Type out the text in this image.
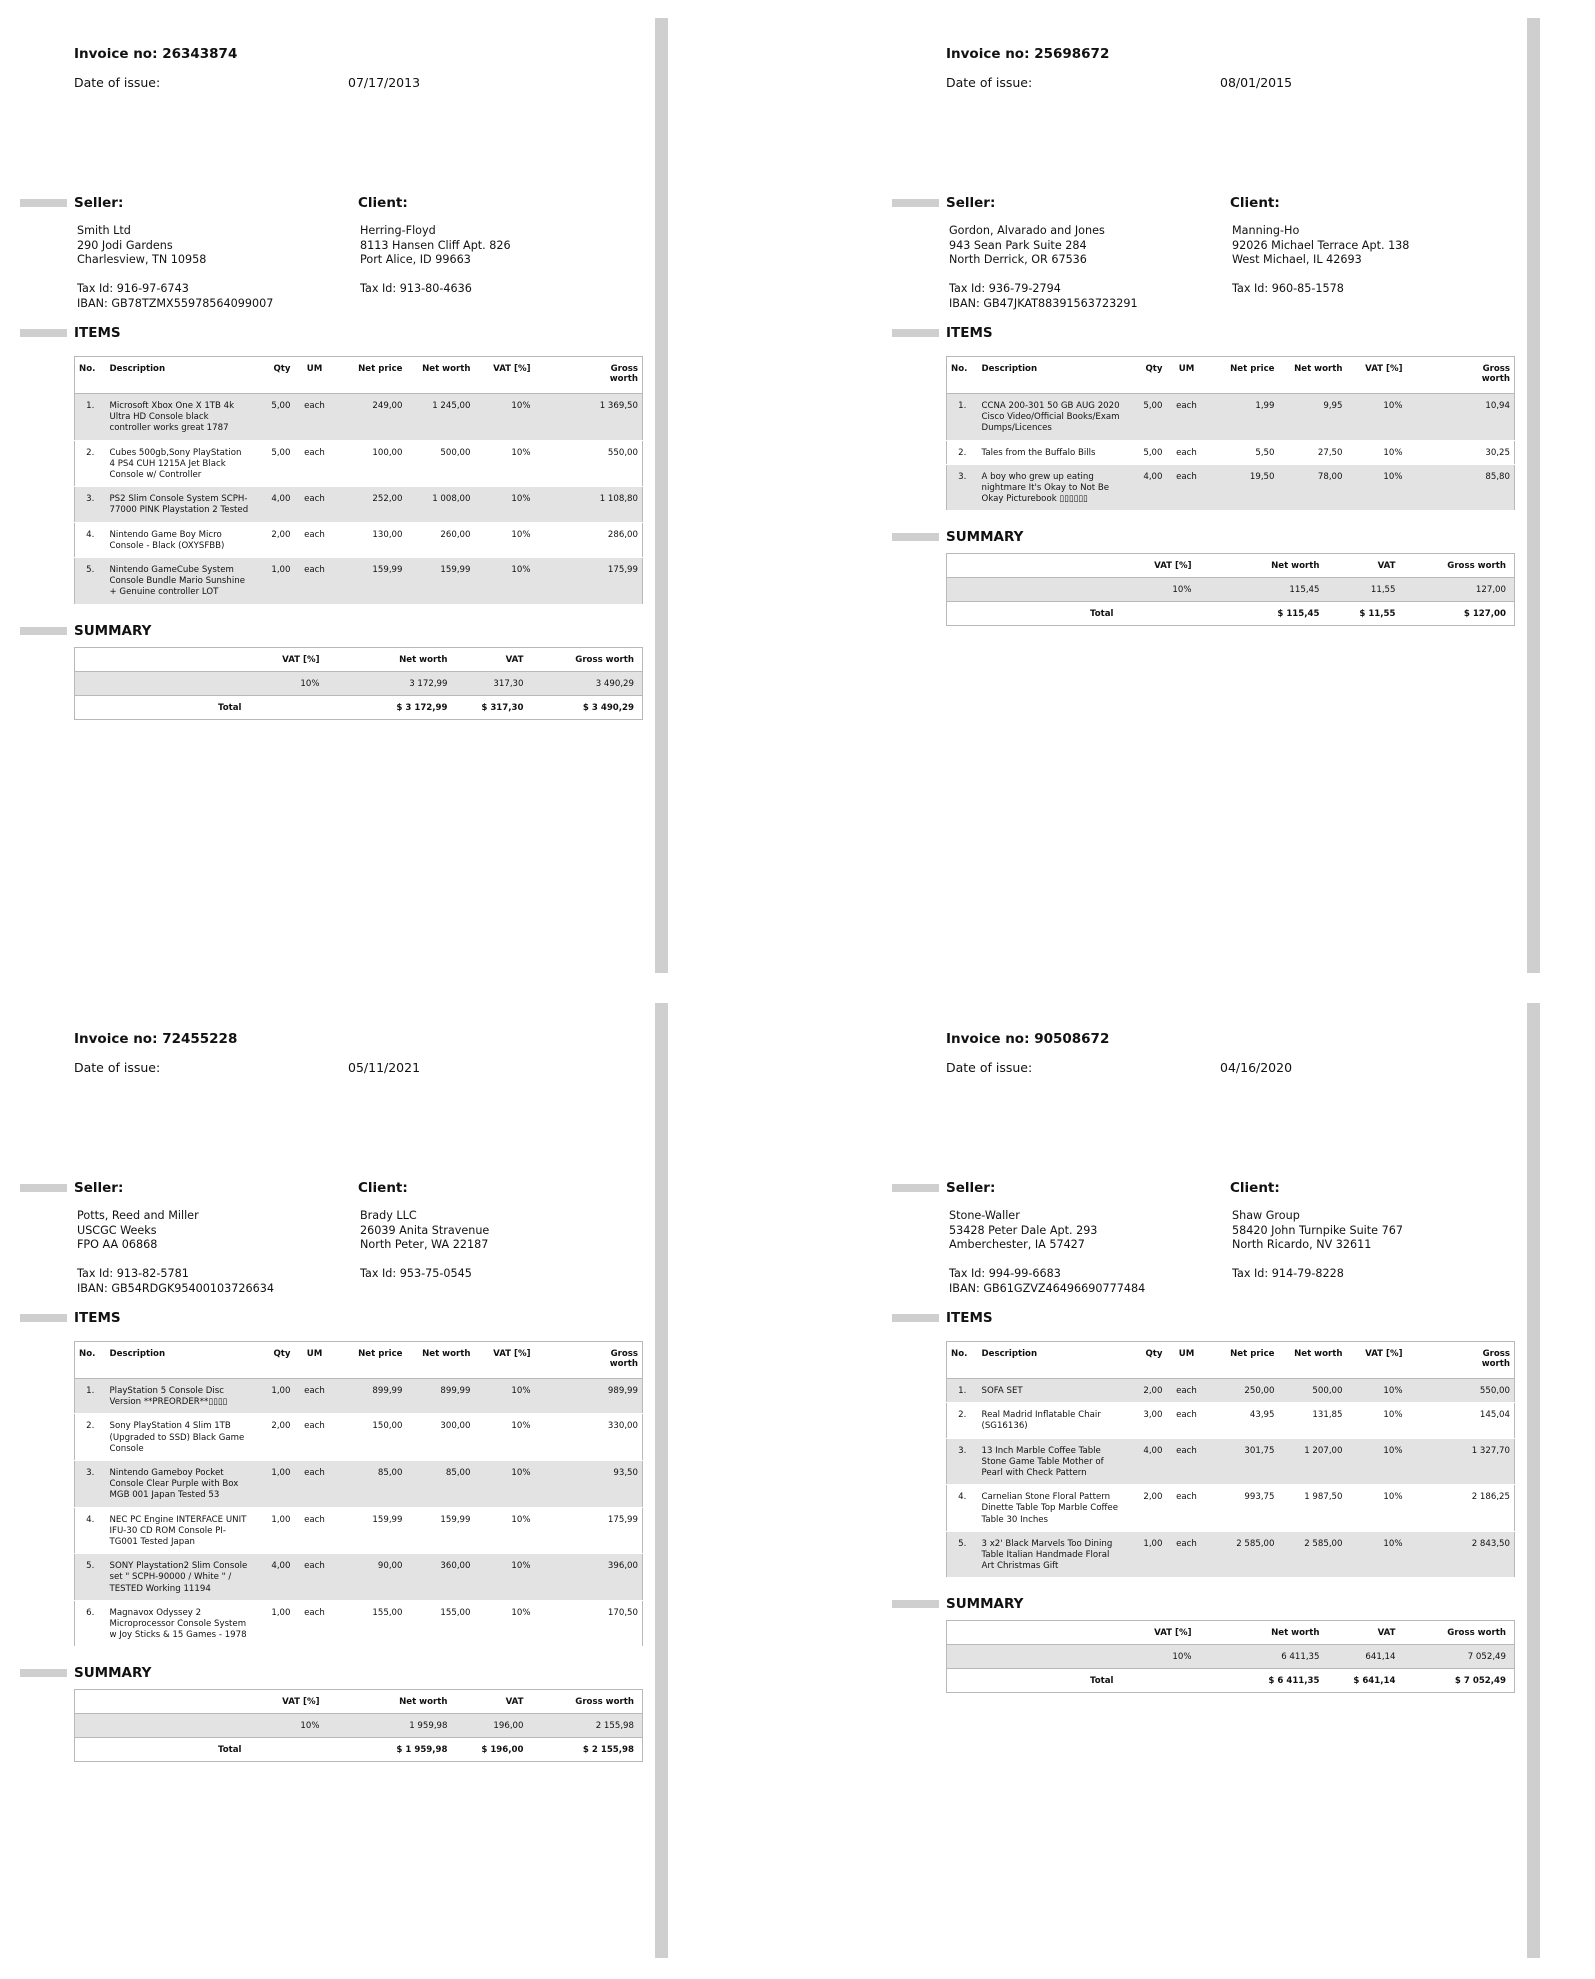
Invoice no: 26343874
Date of issue:	07/17/2013
Seller:	Client:
Smith Ltd
290 Jodi Gardens
Charlesview, TN 10958
Tax Id: 916-97-6743
IBAN: GB78TZMX55978564099007
Herring-Floyd
8113 Hansen Cliff Apt. 826
Port Alice, ID 99663
Tax Id: 913-80-4636
ITEMS
No.	Description	Qty	UM	Net price	Net worth	VAT [%]	Gross worth
1.	Microsoft Xbox One X 1TB 4k Ultra HD Console black controller works great 1787	5,00	each	249,00	1 245,00	10%	1 369,50
2.	Cubes 500gb,Sony PlayStation 4 PS4 CUH 1215A Jet Black Console w/ Controller	5,00	each	100,00	500,00	10%	550,00
3.	PS2 Slim Console System SCPH-77000 PINK Playstation 2 Tested	4,00	each	252,00	1 008,00	10%	1 108,80
4.	Nintendo Game Boy Micro Console - Black (OXYSFBB)	2,00	each	130,00	260,00	10%	286,00
5.	Nintendo GameCube System Console Bundle Mario Sunshine + Genuine controller LOT	1,00	each	159,99	159,99	10%	175,99
SUMMARY
	VAT [%]	Net worth	VAT	Gross worth
	10%	3 172,99	317,30	3 490,29
Total		$ 3 172,99	$ 317,30	$ 3 490,29
Invoice no: 25698672
Date of issue:	08/01/2015
Seller:	Client:
Gordon, Alvarado and Jones
943 Sean Park Suite 284
North Derrick, OR 67536
Tax Id: 936-79-2794
IBAN: GB47JKAT88391563723291
Manning-Ho
92026 Michael Terrace Apt. 138
West Michael, IL 42693
Tax Id: 960-85-1578
ITEMS
No.	Description	Qty	UM	Net price	Net worth	VAT [%]	Gross worth
1.	CCNA 200-301 50 GB AUG 2020 Cisco Video/Official Books/Exam Dumps/Licences	5,00	each	1,99	9,95	10%	10,94
2.	Tales from the Buffalo Bills	5,00	each	5,50	27,50	10%	30,25
3.	A boy who grew up eating nightmare It's Okay to Not Be Okay Picturebook ▯▯▯▯▯▯	4,00	each	19,50	78,00	10%	85,80
SUMMARY
	VAT [%]	Net worth	VAT	Gross worth
	10%	115,45	11,55	127,00
Total		$ 115,45	$ 11,55	$ 127,00
Invoice no: 72455228
Date of issue:	05/11/2021
Seller:	Client:
Potts, Reed and Miller
USCGC Weeks
FPO AA 06868
Tax Id: 913-82-5781
IBAN: GB54RDGK95400103726634
Brady LLC
26039 Anita Stravenue
North Peter, WA 22187
Tax Id: 953-75-0545
ITEMS
No.	Description	Qty	UM	Net price	Net worth	VAT [%]	Gross worth
1.	PlayStation 5 Console Disc Version **PREORDER**▯▯▯▯	1,00	each	899,99	899,99	10%	989,99
2.	Sony PlayStation 4 Slim 1TB (Upgraded to SSD) Black Game Console	2,00	each	150,00	300,00	10%	330,00
3.	Nintendo Gameboy Pocket Console Clear Purple with Box MGB 001 Japan Tested 53	1,00	each	85,00	85,00	10%	93,50
4.	NEC PC Engine INTERFACE UNIT IFU-30 CD ROM Console PI-TG001 Tested Japan	1,00	each	159,99	159,99	10%	175,99
5.	SONY Playstation2 Slim Console set " SCPH-90000 / White " / TESTED Working 11194	4,00	each	90,00	360,00	10%	396,00
6.	Magnavox Odyssey 2 Microprocessor Console System w Joy Sticks & 15 Games - 1978	1,00	each	155,00	155,00	10%	170,50
SUMMARY
	VAT [%]	Net worth	VAT	Gross worth
	10%	1 959,98	196,00	2 155,98
Total		$ 1 959,98	$ 196,00	$ 2 155,98
Invoice no: 90508672
Date of issue:	04/16/2020
Seller:	Client:
Stone-Waller
53428 Peter Dale Apt. 293
Amberchester, IA 57427
Tax Id: 994-99-6683
IBAN: GB61GZVZ46496690777484
Shaw Group
58420 John Turnpike Suite 767
North Ricardo, NV 32611
Tax Id: 914-79-8228
ITEMS
No.	Description	Qty	UM	Net price	Net worth	VAT [%]	Gross worth
1.	SOFA SET	2,00	each	250,00	500,00	10%	550,00
2.	Real Madrid Inflatable Chair (SG16136)	3,00	each	43,95	131,85	10%	145,04
3.	13 Inch Marble Coffee Table Stone Game Table Mother of Pearl with Check Pattern	4,00	each	301,75	1 207,00	10%	1 327,70
4.	Carnelian Stone Floral Pattern Dinette Table Top Marble Coffee Table 30 Inches	2,00	each	993,75	1 987,50	10%	2 186,25
5.	3 x2' Black Marvels Too Dining Table Italian Handmade Floral Art Christmas Gift	1,00	each	2 585,00	2 585,00	10%	2 843,50
SUMMARY
	VAT [%]	Net worth	VAT	Gross worth
	10%	6 411,35	641,14	7 052,49
Total		$ 6 411,35	$ 641,14	$ 7 052,49
